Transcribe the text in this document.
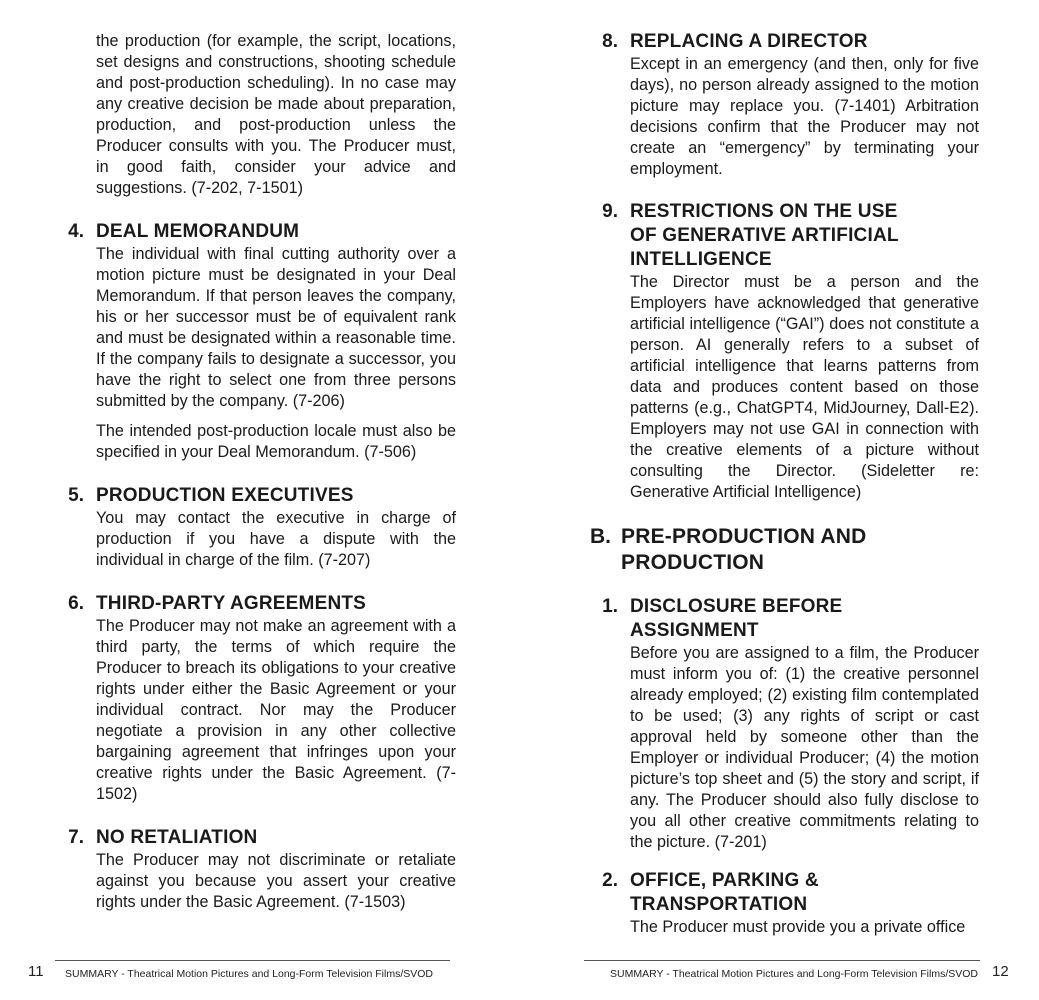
the production (for example, the script, locations, set designs and constructions, shooting schedule and post-production scheduling). In no case may any creative decision be made about preparation, production, and post-production unless the Producer consults with you. The Producer must, in good faith, consider your advice and suggestions. (7-202, 7-1501)

4. DEAL MEMORANDUM

The individual with final cutting authority over a motion picture must be designated in your Deal Memorandum. If that person leaves the company, his or her successor must be of equivalent rank and must be designated within a reasonable time. If the company fails to designate a successor, you have the right to select one from three persons submitted by the company. (7-206)

The intended post-production locale must also be specified in your Deal Memorandum. (7-506)

5. PRODUCTION EXECUTIVES

You may contact the executive in charge of production if you have a dispute with the individual in charge of the film. (7-207)

6. THIRD-PARTY AGREEMENTS

The Producer may not make an agreement with a third party, the terms of which require the Producer to breach its obligations to your creative rights under either the Basic Agreement or your individual contract. Nor may the Producer negotiate a provision in any other collective bargaining agreement that infringes upon your creative rights under the Basic Agreement. (7-1502)

7. NO RETALIATION

The Producer may not discriminate or retaliate against you because you assert your creative rights under the Basic Agreement. (7-1503)

11 SUMMARY - Theatrical Motion Pictures and Long-Form Television Films/SVOD
8. REPLACING A DIRECTOR

Except in an emergency (and then, only for five days), no person already assigned to the motion picture may replace you. (7-1401) Arbitration decisions confirm that the Producer may not create an “emergency” by terminating your employment.

9. RESTRICTIONS ON THE USE
OF GENERATIVE ARTIFICIAL
INTELLIGENCE

The Director must be a person and the Employers have acknowledged that generative artificial intelligence (“GAI”) does not constitute a person. AI generally refers to a subset of artificial intelligence that learns patterns from data and produces content based on those patterns (e.g., ChatGPT4, MidJourney, Dall-E2). Employers may not use GAI in connection with the creative elements of a picture without consulting the Director. (Sideletter re: Generative Artificial Intelligence)

B. PRE-PRODUCTION AND
PRODUCTION
1. DISCLOSURE BEFORE
ASSIGNMENT

Before you are assigned to a film, the Producer must inform you of: (1) the creative personnel already employed; (2) existing film contemplated to be used; (3) any rights of script or cast approval held by someone other than the Employer or individual Producer; (4) the motion picture’s top sheet and (5) the story and script, if any. The Producer should also fully disclose to you all other creative commitments relating to the picture. (7-201)

2. OFFICE, PARKING &
TRANSPORTATION

The Producer must provide you a private office

SUMMARY - Theatrical Motion Pictures and Long-Form Television Films/SVOD 12
